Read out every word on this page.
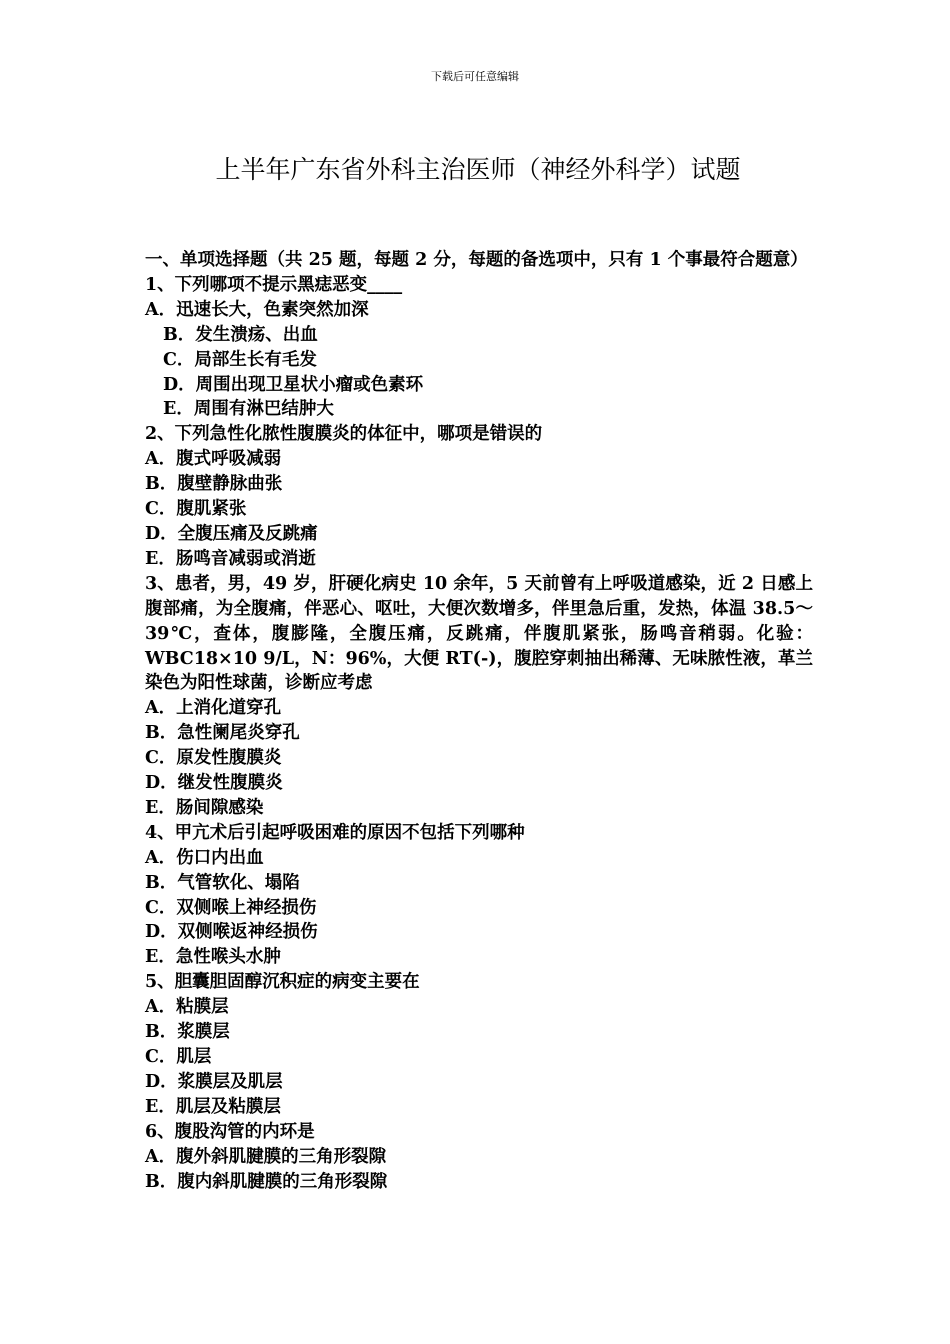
下载后可任意编辑
上半年广东省外科主治医师（神经外科学）试题
一、单项选择题（共 25 题，每题 2 分，每题的备选项中，只有 1 个事最符合题意）
1、下列哪项不提示黑痣恶变____
A．迅速长大，色素突然加深
B．发生溃疡、出血
C．局部生长有毛发
D．周围出现卫星状小瘤或色素环
E．周围有淋巴结肿大
2、下列急性化脓性腹膜炎的体征中，哪项是错误的
A．腹式呼吸减弱
B．腹壁静脉曲张
C．腹肌紧张
D．全腹压痛及反跳痛
E．肠鸣音减弱或消逝
3、患者，男，49 岁，肝硬化病史 10 余年，5 天前曾有上呼吸道感染，近 2 日感上腹部痛，为全腹痛，伴恶心、呕吐，大便次数增多，伴里急后重，发热，体温 38.5～39℃，查体，腹膨隆，全腹压痛，反跳痛，伴腹肌紧张，肠鸣音稍弱。化验：WBC18×10 9/L，N：96%，大便 RT(-)，腹腔穿刺抽出稀薄、无味脓性液，革兰染色为阳性球菌，诊断应考虑
A．上消化道穿孔
B．急性阑尾炎穿孔
C．原发性腹膜炎
D．继发性腹膜炎
E．肠间隙感染
4、甲亢术后引起呼吸困难的原因不包括下列哪种
A．伤口内出血
B．气管软化、塌陷
C．双侧喉上神经损伤
D．双侧喉返神经损伤
E．急性喉头水肿
5、胆囊胆固醇沉积症的病变主要在
A．粘膜层
B．浆膜层
C．肌层
D．浆膜层及肌层
E．肌层及粘膜层
6、腹股沟管的内环是
A．腹外斜肌腱膜的三角形裂隙
B．腹内斜肌腱膜的三角形裂隙
